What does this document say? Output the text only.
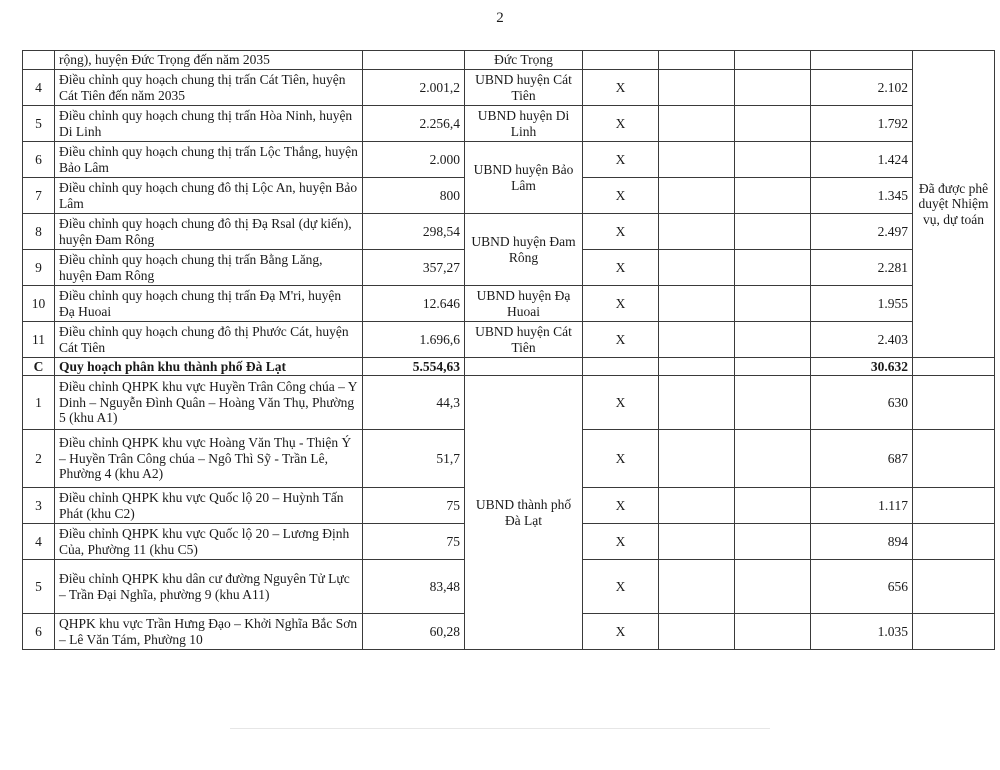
2
	rộng), huyện Đức Trọng đến năm 2035		Đức Trọng					Đã được phê duyệt Nhiệm vụ, dự toán
4	Điều chỉnh quy hoạch chung thị trấn Cát Tiên, huyện Cát Tiên đến năm 2035	2.001,2	UBND huyện Cát Tiên	X			2.102	
5	Điều chỉnh quy hoạch chung thị trấn Hòa Ninh, huyện Di Linh	2.256,4	UBND huyện Di Linh	X			1.792	
6	Điều chỉnh quy hoạch chung thị trấn Lộc Thắng, huyện Bảo Lâm	2.000	UBND huyện Bảo Lâm	X			1.424	
7	Điều chỉnh quy hoạch chung đô thị Lộc An, huyện Bảo Lâm	800		X			1.345	
8	Điều chỉnh quy hoạch chung đô thị Đạ Rsal (dự kiến), huyện Đam Rông	298,54	UBND huyện Đam Rông	X			2.497	
9	Điều chỉnh quy hoạch chung thị trấn Bằng Lăng, huyện Đam Rông	357,27		X			2.281	
10	Điều chỉnh quy hoạch chung thị trấn Đạ M'ri, huyện Đạ Huoai	12.646	UBND huyện Đạ Huoai	X			1.955	
11	Điều chỉnh quy hoạch chung đô thị Phước Cát, huyện Cát Tiên	1.696,6	UBND huyện Cát Tiên	X			2.403	
C	Quy hoạch phân khu thành phố Đà Lạt	5.554,63					30.632	
1	Điều chỉnh QHPK khu vực Huyền Trân Công chúa – Y Dinh – Nguyễn Đình Quân – Hoàng Văn Thụ, Phường 5 (khu A1)	44,3	UBND thành phố Đà Lạt	X			630	
2	Điều chỉnh QHPK khu vực Hoàng Văn Thụ - Thiện Ý – Huyền Trân Công chúa – Ngô Thì Sỹ - Trần Lê, Phường 4 (khu A2)	51,7		X			687	
3	Điều chỉnh QHPK khu vực Quốc lộ 20 – Huỳnh Tấn Phát (khu C2)	75		X			1.117	
4	Điều chỉnh QHPK khu vực Quốc lộ 20 – Lương Định Của, Phường 11 (khu C5)	75		X			894	
5	Điều chỉnh QHPK khu dân cư đường Nguyên Tử Lực – Trần Đại Nghĩa, phường 9 (khu A11)	83,48		X			656	
6	QHPK khu vực Trần Hưng Đạo – Khởi Nghĩa Bắc Sơn – Lê Văn Tám, Phường 10	60,28		X			1.035	
